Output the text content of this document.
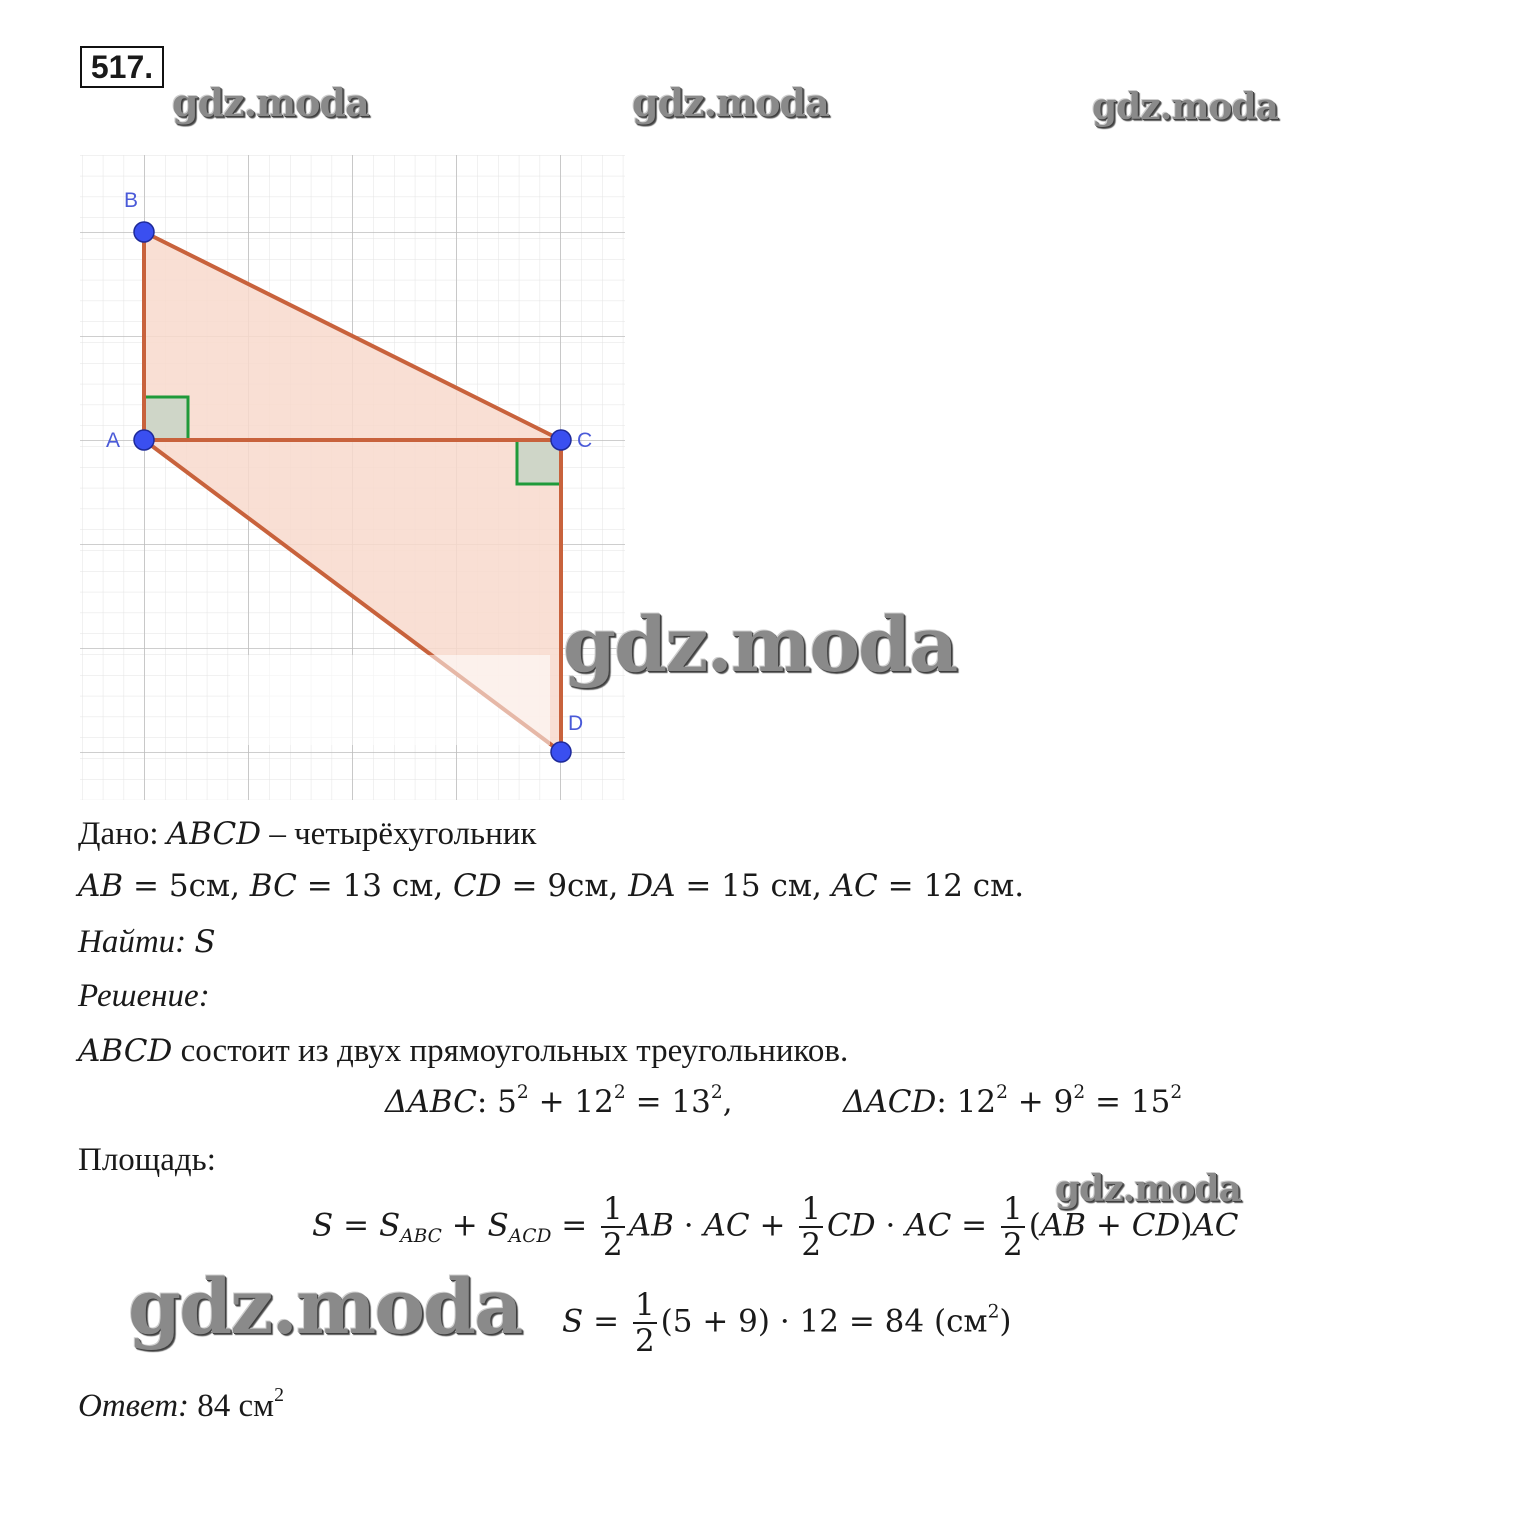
517.
gdz.moda	gdz.moda	gdz.moda
B
A	C
D
gdz.moda
Дано: ABCD – четырёхугольник
AB = 5см, BC = 13 см, CD = 9см, DA = 15 см, AC = 12 см.
Найти: S
Решение:
ABCD состоит из двух прямоугольных треугольников.
ΔABC: $5^2 + 12^2 = 13^2$,	ΔACD: $12^2 + 9^2 = 15^2$
Площадь:
gdz.moda
$S = S_{ABC} + S_{ACD} = \frac{1}{2}$ AB · AC + $\frac{1}{2}$ CD · AC = $\frac{1}{2} (AB + CD)AC$
gdz.moda $S = \frac{1}{2} (5 + 9) \cdot 12 = 84$ $(см^2)$
Ответ: 84 $см^2$
